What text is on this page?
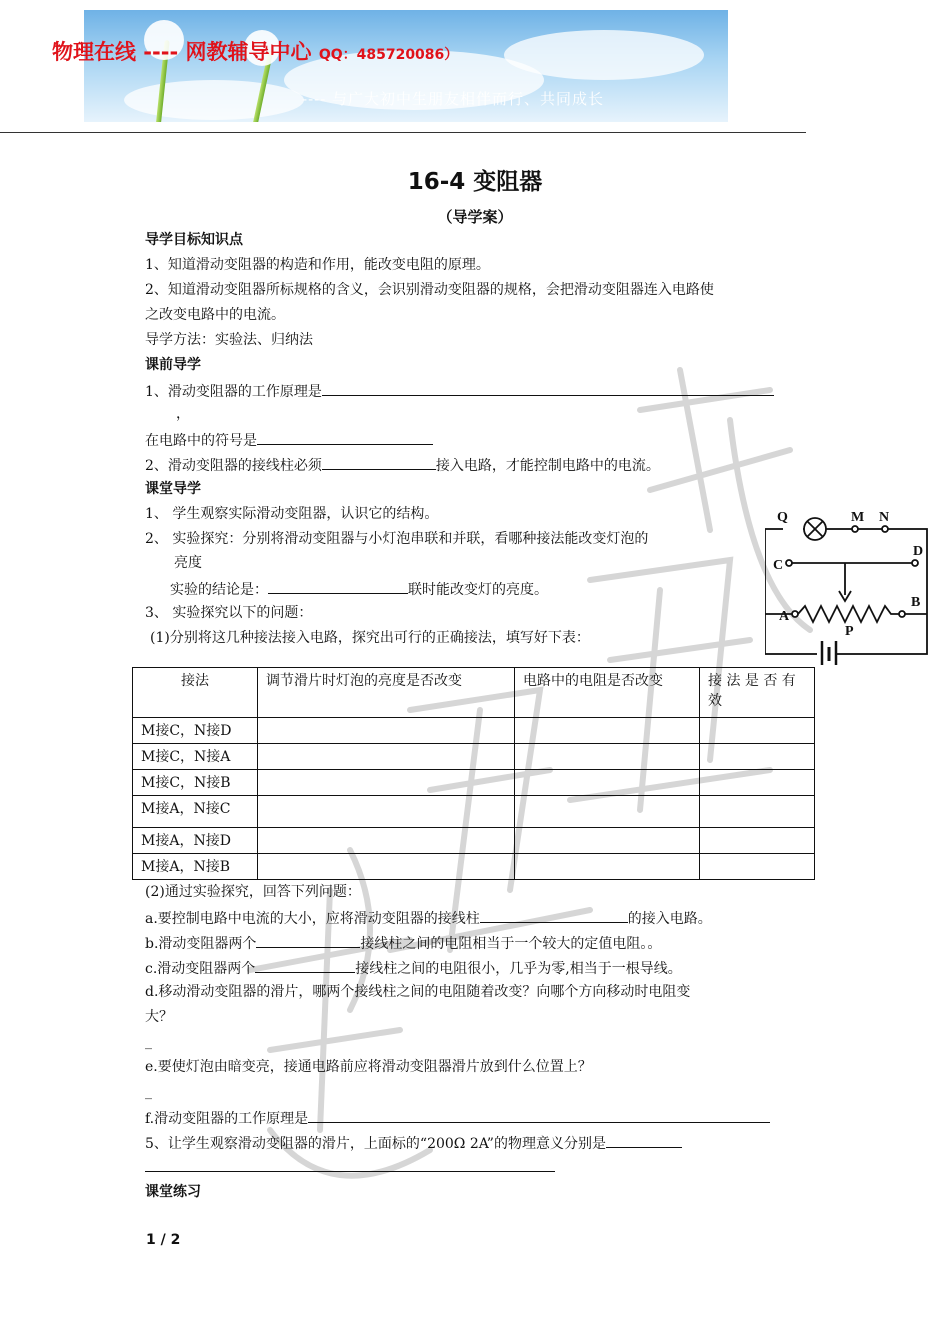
物理在线 ---- 网教辅导中心 QQ：485720086）
---- 与广大初中生朋友相伴而行、共同成长
16-4 变阻器
（导学案）
导学目标知识点
1、知道滑动变阻器的构造和作用，能改变电阻的原理。
2、知道滑动变阻器所标规格的含义，会识别滑动变阻器的规格，会把滑动变阻器连入电路使
之改变电路中的电流。
导学方法：实验法、归纳法
课前导学
1、滑动变阻器的工作原理是
，
在电路中的符号是
2、滑动变阻器的接线柱必须	接入电路，才能控制电路中的电流。
课堂导学
1、 学生观察实际滑动变阻器，认识它的结构。
2、 实验探究：分别将滑动变阻器与小灯泡串联和并联，看哪种接法能改变灯泡的
亮度
实验的结论是：	联时能改变灯的亮度。
3、 实验探究以下的问题：
(1)分别将这几种接法接入电路，探究出可行的正确接法，填写好下表：
Q	M N
C
D
A
B
P
接法	调节滑片时灯泡的亮度是否改变	电路中的电阻是否改变	接 法 是 否 有 效
M接C，N接D			
M接C，N接A			
M接C，N接B			
M接A，N接C			
M接A，N接D			
M接A，N接B			
(2)通过实验探究，回答下列问题：
a.要控制电路中电流的大小，应将滑动变阻器的接线柱	的接入电路。
b.滑动变阻器两个	接线柱之间的电阻相当于一个较大的定值电阻。。
c.滑动变阻器两个	接线柱之间的电阻很小，几乎为零,相当于一根导线。
d.移动滑动变阻器的滑片，哪两个接线柱之间的电阻随着改变？向哪个方向移动时电阻变
大？
_
e.要使灯泡由暗变亮，接通电路前应将滑动变阻器滑片放到什么位置上？
_
f.滑动变阻器的工作原理是
5、让学生观察滑动变阻器的滑片，上面标的“200Ω 2A”的物理意义分别是
课堂练习
1 / 2
